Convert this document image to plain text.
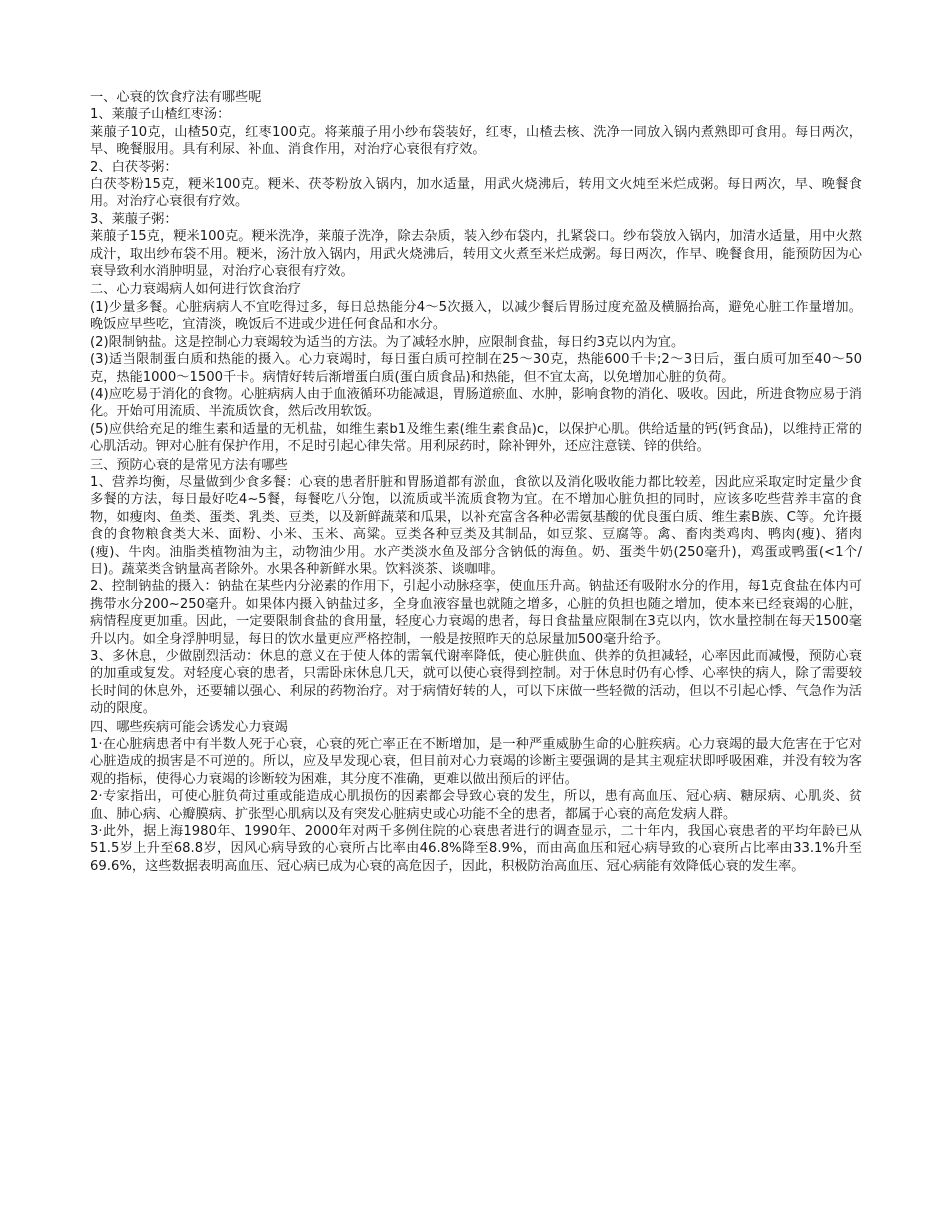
一、心衰的饮食疗法有哪些呢

1、莱菔子山楂红枣汤：

莱菔子10克，山楂50克，红枣100克。将莱菔子用小纱布袋装好，红枣，山楂去核、洗净一同放入锅内煮熟即可食用。每日两次，早、晚餐服用。具有利尿、补血、消食作用，对治疗心衰很有疗效。

2、白茯苓粥：

白茯苓粉15克，粳米100克。粳米、茯苓粉放入锅内，加水适量，用武火烧沸后，转用文火炖至米烂成粥。每日两次，早、晚餐食用。对治疗心衰很有疗效。

3、莱菔子粥：

莱菔子15克，粳米100克。粳米洗净，莱菔子洗净，除去杂质，装入纱布袋内，扎紧袋口。纱布袋放入锅内，加清水适量，用中火熬成汁，取出纱布袋不用。粳米，汤汁放入锅内，用武火烧沸后，转用文火煮至米烂成粥。每日两次，作早、晚餐食用，能预防因为心衰导致利水消肿明显，对治疗心衰很有疗效。

二、心力衰竭病人如何进行饮食治疗

(1)少量多餐。心脏病病人不宜吃得过多，每日总热能分4～5次摄入，以减少餐后胃肠过度充盈及横膈抬高，避免心脏工作量增加。晚饭应早些吃，宜清淡，晚饭后不进或少进任何食品和水分。

(2)限制钠盐。这是控制心力衰竭较为适当的方法。为了减轻水肿，应限制食盐，每日约3克以内为宜。

(3)适当限制蛋白质和热能的摄入。心力衰竭时，每日蛋白质可控制在25～30克，热能600千卡;2～3日后，蛋白质可加至40～50克，热能1000～1500千卡。病情好转后渐增蛋白质(蛋白质食品)和热能，但不宜太高，以免增加心脏的负荷。

(4)应吃易于消化的食物。心脏病病人由于血液循环功能减退，胃肠道瘀血、水肿，影响食物的消化、吸收。因此，所进食物应易于消化。开始可用流质、半流质饮食，然后改用软饭。

(5)应供给充足的维生素和适量的无机盐，如维生素b1及维生素(维生素食品)c，以保护心肌。供给适量的钙(钙食品)，以维持正常的心肌活动。钾对心脏有保护作用，不足时引起心律失常。用利尿药时，除补钾外，还应注意镁、锌的供给。

三、预防心衰的是常见方法有哪些

1、营养均衡，尽量做到少食多餐：心衰的患者肝脏和胃肠道都有淤血，食欲以及消化吸收能力都比较差，因此应采取定时定量少食多餐的方法，每日最好吃4~5餐，每餐吃八分饱，以流质或半流质食物为宜。在不增加心脏负担的同时，应该多吃些营养丰富的食物，如瘦肉、鱼类、蛋类、乳类、豆类，以及新鲜蔬菜和瓜果，以补充富含各种必需氨基酸的优良蛋白质、维生素B族、C等。允许摄食的食物粮食类大米、面粉、小米、玉米、高粱。豆类各种豆类及其制品，如豆浆、豆腐等。禽、畜肉类鸡肉、鸭肉(瘦)、猪肉(瘦)、牛肉。油脂类植物油为主，动物油少用。水产类淡水鱼及部分含钠低的海鱼。奶、蛋类牛奶(250毫升)，鸡蛋或鸭蛋(<1个/日)。蔬菜类含钠量高者除外。水果各种新鲜水果。饮料淡茶、谈咖啡。

2、控制钠盐的摄入：钠盐在某些内分泌素的作用下，引起小动脉痉挛，使血压升高。钠盐还有吸附水分的作用，每1克食盐在体内可携带水分200~250毫升。如果体内摄入钠盐过多，全身血液容量也就随之增多，心脏的负担也随之增加，使本来已经衰竭的心脏，病情程度更加重。因此，一定要限制食盐的食用量，轻度心力衰竭的患者，每日食盐量应限制在3克以内，饮水量控制在每天1500毫升以内。如全身浮肿明显，每日的饮水量更应严格控制，一般是按照昨天的总尿量加500毫升给予。

3、多休息，少做剧烈活动：休息的意义在于使人体的需氧代谢率降低，使心脏供血、供养的负担减轻，心率因此而减慢，预防心衰的加重或复发。对轻度心衰的患者，只需卧床休息几天，就可以使心衰得到控制。对于休息时仍有心悸、心率快的病人，除了需要较长时间的休息外，还要辅以强心、利尿的药物治疗。对于病情好转的人，可以下床做一些轻微的活动，但以不引起心悸、气急作为活动的限度。

四、哪些疾病可能会诱发心力衰竭

1·在心脏病患者中有半数人死于心衰，心衰的死亡率正在不断增加，是一种严重威胁生命的心脏疾病。心力衰竭的最大危害在于它对心脏造成的损害是不可逆的。所以，应及早发现心衰，但目前对心力衰竭的诊断主要强调的是其主观症状即呼吸困难，并没有较为客观的指标，使得心力衰竭的诊断较为困难，其分度不准确，更难以做出预后的评估。

2·专家指出，可使心脏负荷过重或能造成心肌损伤的因素都会导致心衰的发生，所以，患有高血压、冠心病、糖尿病、心肌炎、贫血、肺心病、心瓣膜病、扩张型心肌病以及有突发心脏病史或心功能不全的患者，都属于心衰的高危发病人群。

3·此外，据上海1980年、1990年、2000年对两千多例住院的心衰患者进行的调查显示，二十年内，我国心衰患者的平均年龄已从51.5岁上升至68.8岁，因风心病导致的心衰所占比率由46.8%降至8.9%，而由高血压和冠心病导致的心衰所占比率由33.1%升至69.6%，这些数据表明高血压、冠心病已成为心衰的高危因子，因此，积极防治高血压、冠心病能有效降低心衰的发生率。
